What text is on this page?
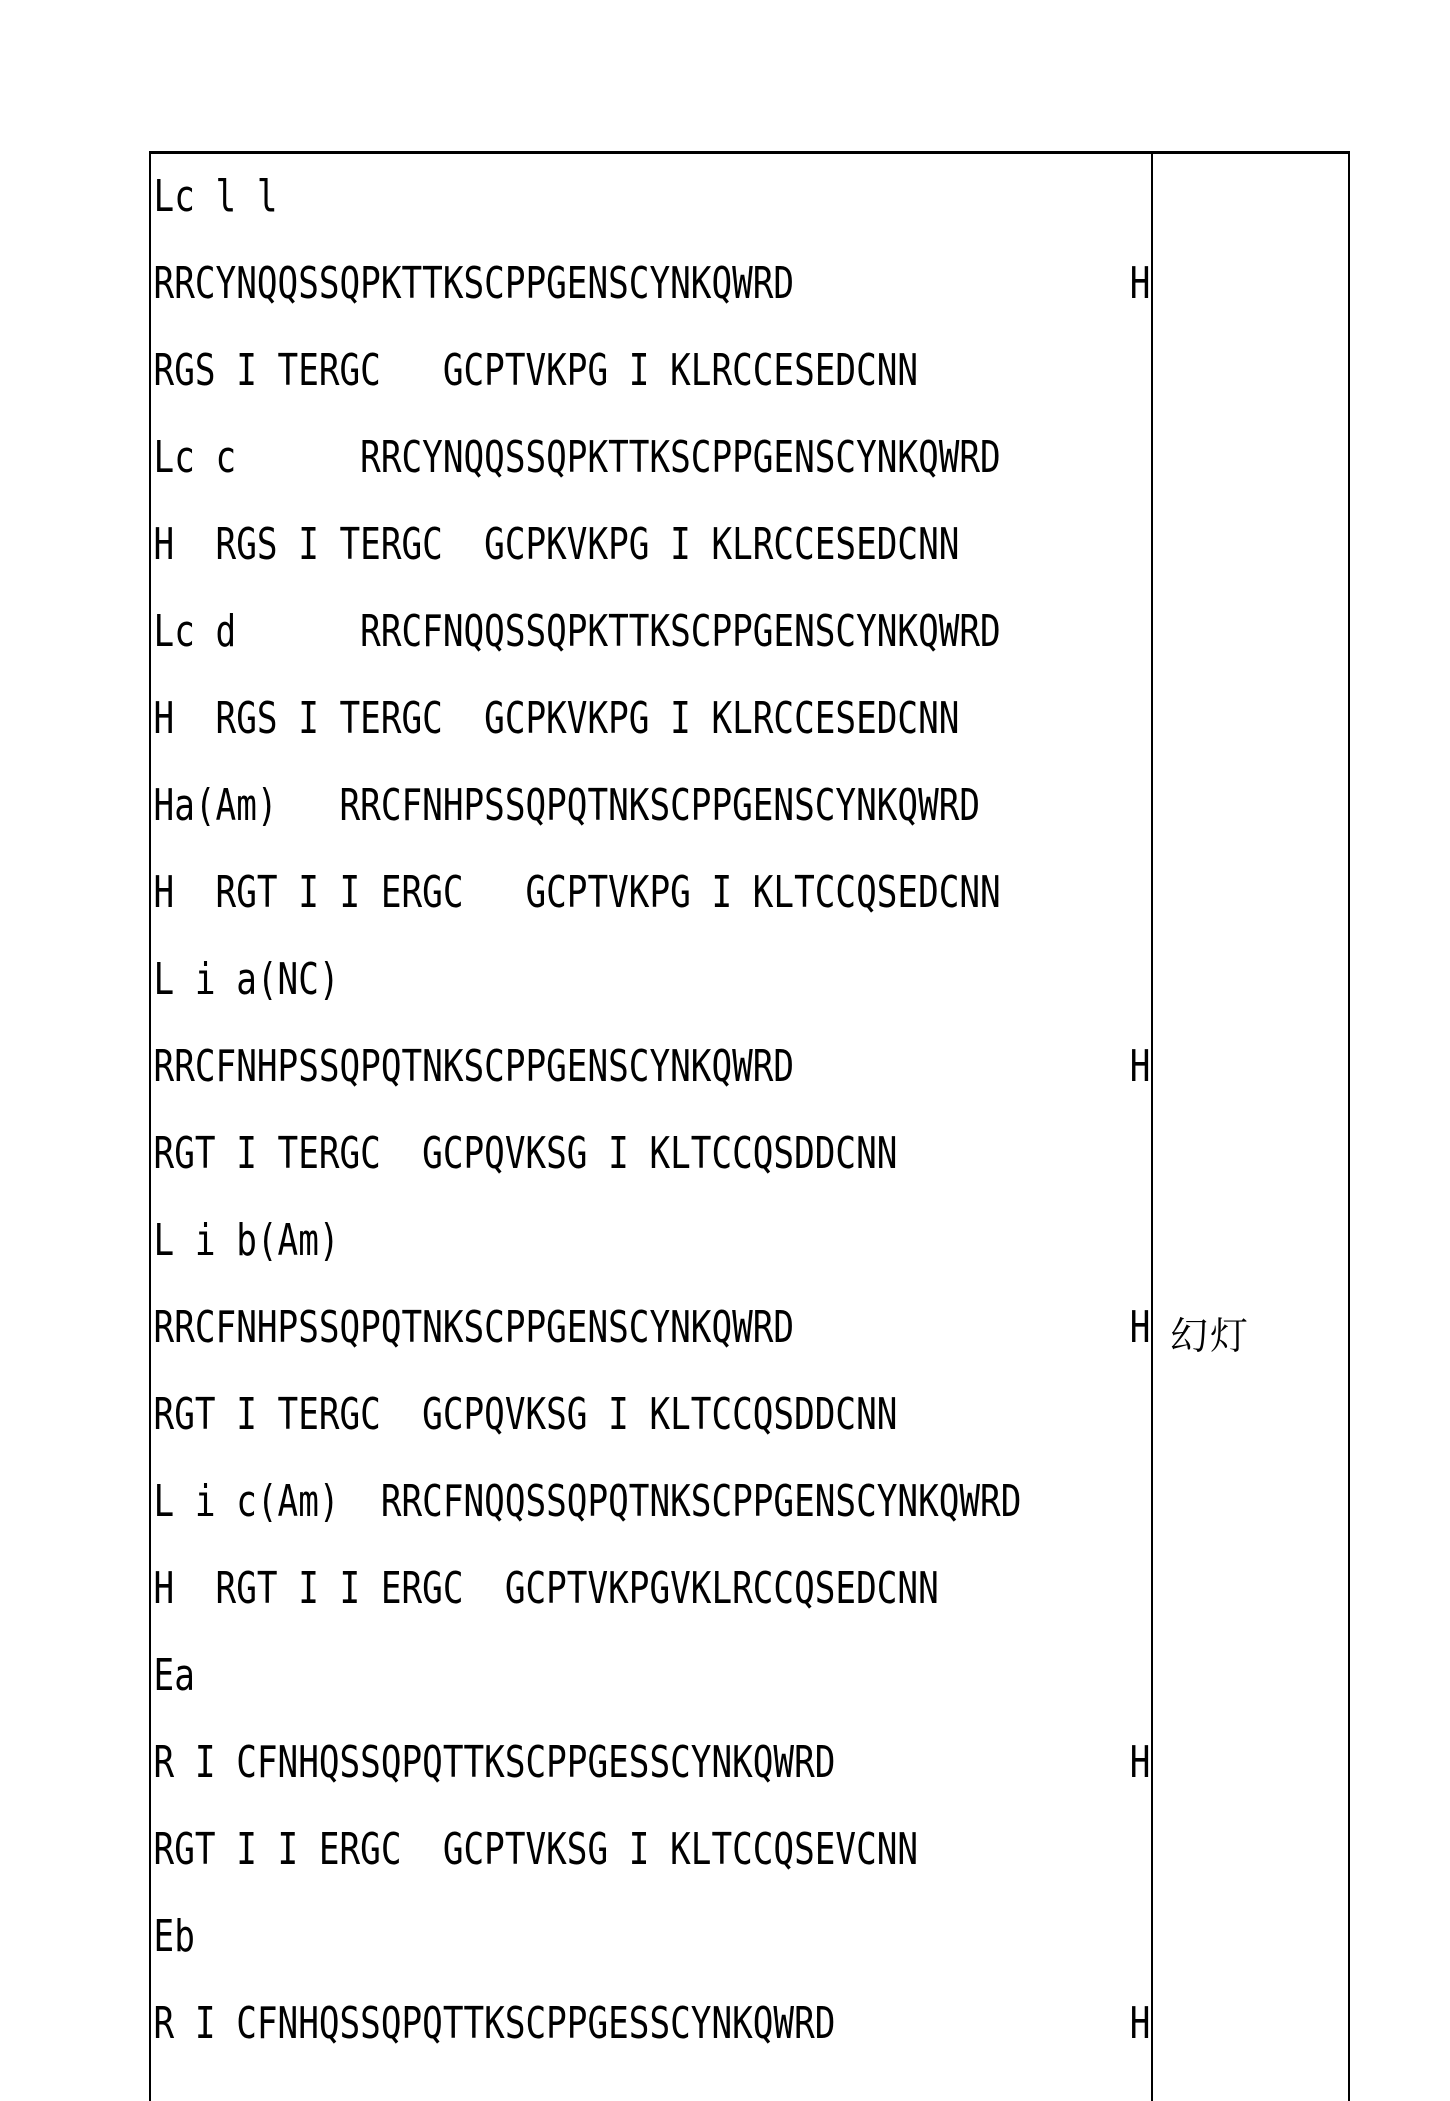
Lc l l
RRCYNQQSSQPKTTKSCPPGENSCYNKQWRD	H
RGS I TERGC   GCPTVKPG I KLRCCESEDCNN
Lc c      RRCYNQQSSQPKTTKSCPPGENSCYNKQWRD
H  RGS I TERGC  GCPKVKPG I KLRCCESEDCNN
Lc d      RRCFNQQSSQPKTTKSCPPGENSCYNKQWRD
H  RGS I TERGC  GCPKVKPG I KLRCCESEDCNN
Ha(Am)   RRCFNHPSSQPQTNKSCPPGENSCYNKQWRD
H  RGT I I ERGC   GCPTVKPG I KLTCCQSEDCNN
L i a(NC)
RRCFNHPSSQPQTNKSCPPGENSCYNKQWRD	H
RGT I TERGC  GCPQVKSG I KLTCCQSDDCNN
L i b(Am)
RRCFNHPSSQPQTNKSCPPGENSCYNKQWRD	H
RGT I TERGC  GCPQVKSG I KLTCCQSDDCNN
L i c(Am)  RRCFNQQSSQPQTNKSCPPGENSCYNKQWRD
H  RGT I I ERGC  GCPTVKPGVKLRCCQSEDCNN
Ea
R I CFNHQSSQPQTTKSCPPGESSCYNKQWRD	H
RGT I I ERGC  GCPTVKSG I KLTCCQSEVCNN
Eb
R I CFNHQSSQPQTTKSCPPGESSCYNKQWRD	H
幻灯
